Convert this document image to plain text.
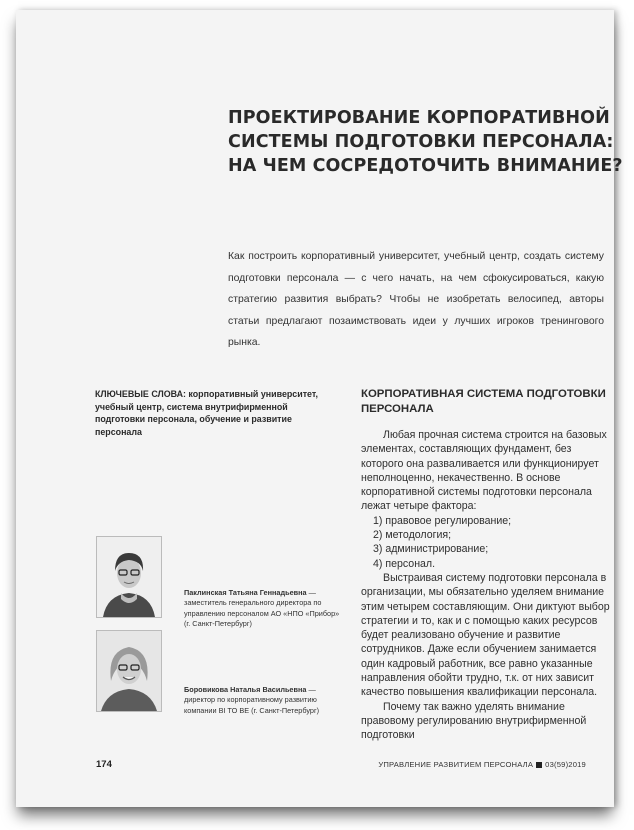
ПРОЕКТИРОВАНИЕ КОРПОРАТИВНОЙ
СИСТЕМЫ ПОДГОТОВКИ ПЕРСОНАЛА:
НА ЧЕМ СОСРЕДОТОЧИТЬ ВНИМАНИЕ?
Как построить корпоративный университет, учебный центр, создать систему подготовки персонала — с чего начать, на чем сфокусироваться, какую стратегию развития выбрать? Чтобы не изобретать велосипед, авторы статьи предлагают позаимствовать идеи у лучших игроков тренингового рынка.
КЛЮЧЕВЫЕ СЛОВА: корпоративный университет, учебный центр, система внутрифирменной подготовки персонала, обучение и развитие персонала
Паклинская Татьяна Геннадьевна — заместитель генерального директора по управлению персоналом АО «НПО «Прибор» (г. Санкт-Петербург)
Боровикова Наталья Васильевна — директор по корпоративному развитию компании BI TO BE (г. Санкт-Петербург)
КОРПОРАТИВНАЯ СИСТЕМА ПОДГОТОВКИ ПЕРСОНАЛА

Любая прочная система строится на базовых элементах, составляющих фундамент, без которого она разваливается или функционирует неполноценно, некачественно. В основе корпоративной системы подготовки персонала лежат четыре фактора:

1) правовое регулирование;

2) методология;

3) администрирование;

4) персонал.

Выстраивая систему подготовки персонала в организации, мы обязательно уделяем внимание этим четырем составляющим. Они диктуют выбор стратегии и то, как и с помощью каких ресурсов будет реализовано обучение и развитие сотрудников. Даже если обучением занимается один кадровый работник, все равно указанные направления обойти трудно, т.к. от них зависит качество повышения квалификации персонала.

Почему так важно уделять внимание правовому регулированию внутрифирменной подготовки

174	УПРАВЛЕНИЕ РАЗВИТИЕМ ПЕРСОНАЛА 03(59)2019
